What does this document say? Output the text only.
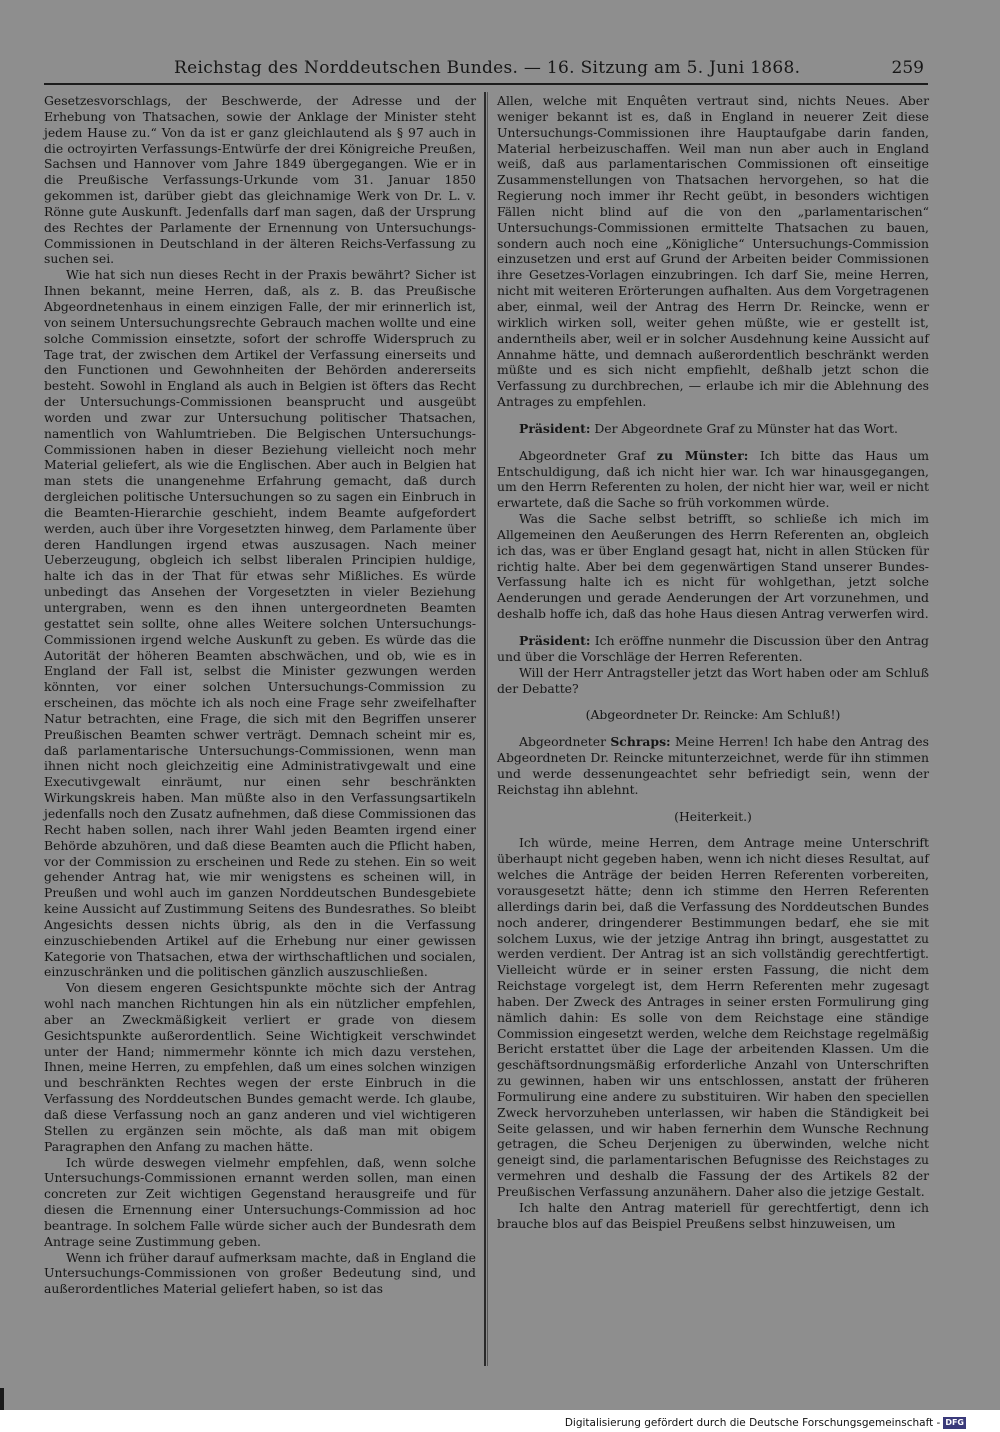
Reichstag des Norddeutschen Bundes. — 16. Sitzung am 5. Juni 1868.	259

Gesetzesvorschlags, der Beschwerde, der Adresse und der Erhebung von Thatsachen, sowie der Anklage der Minister steht jedem Hause zu.“ Von da ist er ganz gleichlautend als § 97 auch in die octroyirten Verfassungs-Entwürfe der drei Königreiche Preußen, Sachsen und Hannover vom Jahre 1849 übergegangen. Wie er in die Preußische Verfassungs-Urkunde vom 31. Januar 1850 gekommen ist, darüber giebt das gleichnamige Werk von Dr. L. v. Rönne gute Auskunft. Jedenfalls darf man sagen, daß der Ursprung des Rechtes der Parlamente der Ernennung von Untersuchungs-Commissionen in Deutschland in der älteren Reichs-Verfassung zu suchen sei.

Wie hat sich nun dieses Recht in der Praxis bewährt? Sicher ist Ihnen bekannt, meine Herren, daß, als z. B. das Preußische Abgeordnetenhaus in einem einzigen Falle, der mir erinnerlich ist, von seinem Untersuchungsrechte Gebrauch machen wollte und eine solche Commission einsetzte, sofort der schroffe Widerspruch zu Tage trat, der zwischen dem Artikel der Verfassung einerseits und den Functionen und Gewohnheiten der Behörden andererseits besteht. Sowohl in England als auch in Belgien ist öfters das Recht der Untersuchungs-Commissionen beansprucht und ausgeübt worden und zwar zur Untersuchung politischer Thatsachen, namentlich von Wahlumtrieben. Die Belgischen Untersuchungs-Commissionen haben in dieser Beziehung vielleicht noch mehr Material geliefert, als wie die Englischen. Aber auch in Belgien hat man stets die unangenehme Erfahrung gemacht, daß durch dergleichen politische Untersuchungen so zu sagen ein Einbruch in die Beamten-Hierarchie geschieht, indem Beamte aufgefordert werden, auch über ihre Vorgesetzten hinweg, dem Parlamente über deren Handlungen irgend etwas auszusagen. Nach meiner Ueberzeugung, obgleich ich selbst liberalen Principien huldige, halte ich das in der That für etwas sehr Mißliches. Es würde unbedingt das Ansehen der Vorgesetzten in vieler Beziehung untergraben, wenn es den ihnen untergeordneten Beamten gestattet sein sollte, ohne alles Weitere solchen Untersuchungs-Commissionen irgend welche Auskunft zu geben. Es würde das die Autorität der höheren Beamten abschwächen, und ob, wie es in England der Fall ist, selbst die Minister gezwungen werden könnten, vor einer solchen Untersuchungs-Commission zu erscheinen, das möchte ich als noch eine Frage sehr zweifelhafter Natur betrachten, eine Frage, die sich mit den Begriffen unserer Preußischen Beamten schwer verträgt. Demnach scheint mir es, daß parlamentarische Untersuchungs-Commissionen, wenn man ihnen nicht noch gleichzeitig eine Administrativgewalt und eine Executivgewalt einräumt, nur einen sehr beschränkten Wirkungskreis haben. Man müßte also in den Verfassungsartikeln jedenfalls noch den Zusatz aufnehmen, daß diese Commissionen das Recht haben sollen, nach ihrer Wahl jeden Beamten irgend einer Behörde abzuhören, und daß diese Beamten auch die Pflicht haben, vor der Commission zu erscheinen und Rede zu stehen. Ein so weit gehender Antrag hat, wie mir wenigstens es scheinen will, in Preußen und wohl auch im ganzen Norddeutschen Bundesgebiete keine Aussicht auf Zustimmung Seitens des Bundesrathes. So bleibt Angesichts dessen nichts übrig, als den in die Verfassung einzuschiebenden Artikel auf die Erhebung nur einer gewissen Kategorie von Thatsachen, etwa der wirthschaftlichen und socialen, einzuschränken und die politischen gänzlich auszuschließen.

Von diesem engeren Gesichtspunkte möchte sich der Antrag wohl nach manchen Richtungen hin als ein nützlicher empfehlen, aber an Zweckmäßigkeit verliert er grade von diesem Gesichtspunkte außerordentlich. Seine Wichtigkeit verschwindet unter der Hand; nimmermehr könnte ich mich dazu verstehen, Ihnen, meine Herren, zu empfehlen, daß um eines solchen winzigen und beschränkten Rechtes wegen der erste Einbruch in die Verfassung des Norddeutschen Bundes gemacht werde. Ich glaube, daß diese Verfassung noch an ganz anderen und viel wichtigeren Stellen zu ergänzen sein möchte, als daß man mit obigem Paragraphen den Anfang zu machen hätte.

Ich würde deswegen vielmehr empfehlen, daß, wenn solche Untersuchungs-Commissionen ernannt werden sollen, man einen concreten zur Zeit wichtigen Gegenstand herausgreife und für diesen die Ernennung einer Untersuchungs-Commission ad hoc beantrage. In solchem Falle würde sicher auch der Bundesrath dem Antrage seine Zustimmung geben.

Wenn ich früher darauf aufmerksam machte, daß in England die Untersuchungs-Commissionen von großer Bedeutung sind, und außerordentliches Material geliefert haben, so ist das

Allen, welche mit Enquêten vertraut sind, nichts Neues. Aber weniger bekannt ist es, daß in England in neuerer Zeit diese Untersuchungs-Commissionen ihre Hauptaufgabe darin fanden, Material herbeizuschaffen. Weil man nun aber auch in England weiß, daß aus parlamentarischen Commissionen oft einseitige Zusammenstellungen von Thatsachen hervorgehen, so hat die Regierung noch immer ihr Recht geübt, in besonders wichtigen Fällen nicht blind auf die von den „parlamentarischen“ Untersuchungs-Commissionen ermittelte Thatsachen zu bauen, sondern auch noch eine „Königliche“ Untersuchungs-Commission einzusetzen und erst auf Grund der Arbeiten beider Commissionen ihre Gesetzes-Vorlagen einzubringen. Ich darf Sie, meine Herren, nicht mit weiteren Erörterungen aufhalten. Aus dem Vorgetragenen aber, einmal, weil der Antrag des Herrn Dr. Reincke, wenn er wirklich wirken soll, weiter gehen müßte, wie er gestellt ist, anderntheils aber, weil er in solcher Ausdehnung keine Aussicht auf Annahme hätte, und demnach außerordentlich beschränkt werden müßte und es sich nicht empfiehlt, deßhalb jetzt schon die Verfassung zu durchbrechen, — erlaube ich mir die Ablehnung des Antrages zu empfehlen.

Präsident: Der Abgeordnete Graf zu Münster hat das Wort.

Abgeordneter Graf zu Münster: Ich bitte das Haus um Entschuldigung, daß ich nicht hier war. Ich war hinausgegangen, um den Herrn Referenten zu holen, der nicht hier war, weil er nicht erwartete, daß die Sache so früh vorkommen würde.

Was die Sache selbst betrifft, so schließe ich mich im Allgemeinen den Aeußerungen des Herrn Referenten an, obgleich ich das, was er über England gesagt hat, nicht in allen Stücken für richtig halte. Aber bei dem gegenwärtigen Stand unserer Bundes-Verfassung halte ich es nicht für wohlgethan, jetzt solche Aenderungen und gerade Aenderungen der Art vorzunehmen, und deshalb hoffe ich, daß das hohe Haus diesen Antrag verwerfen wird.

Präsident: Ich eröffne nunmehr die Discussion über den Antrag und über die Vorschläge der Herren Referenten.

Will der Herr Antragsteller jetzt das Wort haben oder am Schluß der Debatte?

(Abgeordneter Dr. Reincke: Am Schluß!)

Abgeordneter Schraps: Meine Herren! Ich habe den Antrag des Abgeordneten Dr. Reincke mitunterzeichnet, werde für ihn stimmen und werde dessenungeachtet sehr befriedigt sein, wenn der Reichstag ihn ablehnt.

(Heiterkeit.)

Ich würde, meine Herren, dem Antrage meine Unterschrift überhaupt nicht gegeben haben, wenn ich nicht dieses Resultat, auf welches die Anträge der beiden Herren Referenten vorbereiten, vorausgesetzt hätte; denn ich stimme den Herren Referenten allerdings darin bei, daß die Verfassung des Norddeutschen Bundes noch anderer, dringenderer Bestimmungen bedarf, ehe sie mit solchem Luxus, wie der jetzige Antrag ihn bringt, ausgestattet zu werden verdient. Der Antrag ist an sich vollständig gerechtfertigt. Vielleicht würde er in seiner ersten Fassung, die nicht dem Reichstage vorgelegt ist, dem Herrn Referenten mehr zugesagt haben. Der Zweck des Antrages in seiner ersten Formulirung ging nämlich dahin: Es solle von dem Reichstage eine ständige Commission eingesetzt werden, welche dem Reichstage regelmäßig Bericht erstattet über die Lage der arbeitenden Klassen. Um die geschäftsordnungsmäßig erforderliche Anzahl von Unterschriften zu gewinnen, haben wir uns entschlossen, anstatt der früheren Formulirung eine andere zu substituiren. Wir haben den speciellen Zweck hervorzuheben unterlassen, wir haben die Ständigkeit bei Seite gelassen, und wir haben fernerhin dem Wunsche Rechnung getragen, die Scheu Derjenigen zu überwinden, welche nicht geneigt sind, die parlamentarischen Befugnisse des Reichstages zu vermehren und deshalb die Fassung der des Artikels 82 der Preußischen Verfassung anzunähern. Daher also die jetzige Gestalt.

Ich halte den Antrag materiell für gerechtfertigt, denn ich brauche blos auf das Beispiel Preußens selbst hinzuweisen, um

Digitalisierung gefördert durch die Deutsche Forschungsgemeinschaft - DFG
